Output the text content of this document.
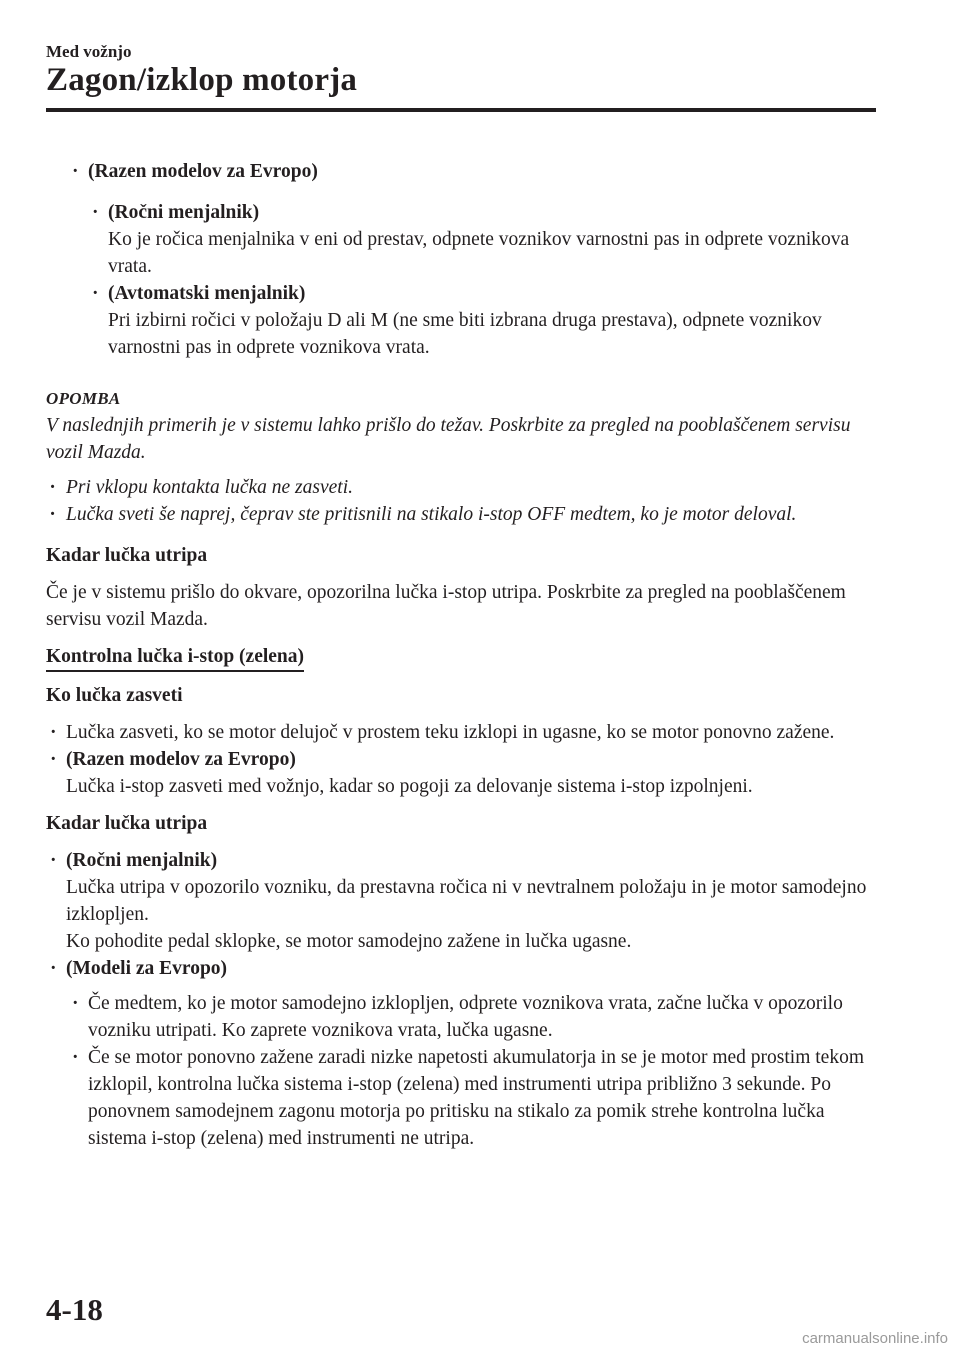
Med vožnjo
Zagon/izklop motorja
· (Razen modelov za Evropo)
· (Ročni menjalnik)
Ko je ročica menjalnika v eni od prestav, odpnete voznikov varnostni pas in odprete voznikova vrata.
· (Avtomatski menjalnik)
Pri izbirni ročici v položaju D ali M (ne sme biti izbrana druga prestava), odpnete voznikov varnostni pas in odprete voznikova vrata.
OPOMBA
V naslednjih primerih je v sistemu lahko prišlo do težav. Poskrbite za pregled na pooblaščenem servisu vozil Mazda.
· Pri vklopu kontakta lučka ne zasveti.
· Lučka sveti še naprej, čeprav ste pritisnili na stikalo i-stop OFF medtem, ko je motor deloval.
Kadar lučka utripa
Če je v sistemu prišlo do okvare, opozorilna lučka i-stop utripa. Poskrbite za pregled na pooblaščenem servisu vozil Mazda.
Kontrolna lučka i-stop (zelena)
Ko lučka zasveti
· Lučka zasveti, ko se motor delujoč v prostem teku izklopi in ugasne, ko se motor ponovno zažene.
· (Razen modelov za Evropo)
Lučka i-stop zasveti med vožnjo, kadar so pogoji za delovanje sistema i-stop izpolnjeni.
Kadar lučka utripa
· (Ročni menjalnik)
Lučka utripa v opozorilo vozniku, da prestavna ročica ni v nevtralnem položaju in je motor samodejno izklopljen.
Ko pohodite pedal sklopke, se motor samodejno zažene in lučka ugasne.
· (Modeli za Evropo)
· Če medtem, ko je motor samodejno izklopljen, odprete voznikova vrata, začne lučka v opozorilo vozniku utripati. Ko zaprete voznikova vrata, lučka ugasne.
· Če se motor ponovno zažene zaradi nizke napetosti akumulatorja in se je motor med prostim tekom izklopil, kontrolna lučka sistema i-stop (zelena) med instrumenti utripa približno 3 sekunde. Po ponovnem samodejnem zagonu motorja po pritisku na stikalo za pomik strehe kontrolna lučka sistema i-stop (zelena) med instrumenti ne utripa.
4-18
carmanualsonline.info
